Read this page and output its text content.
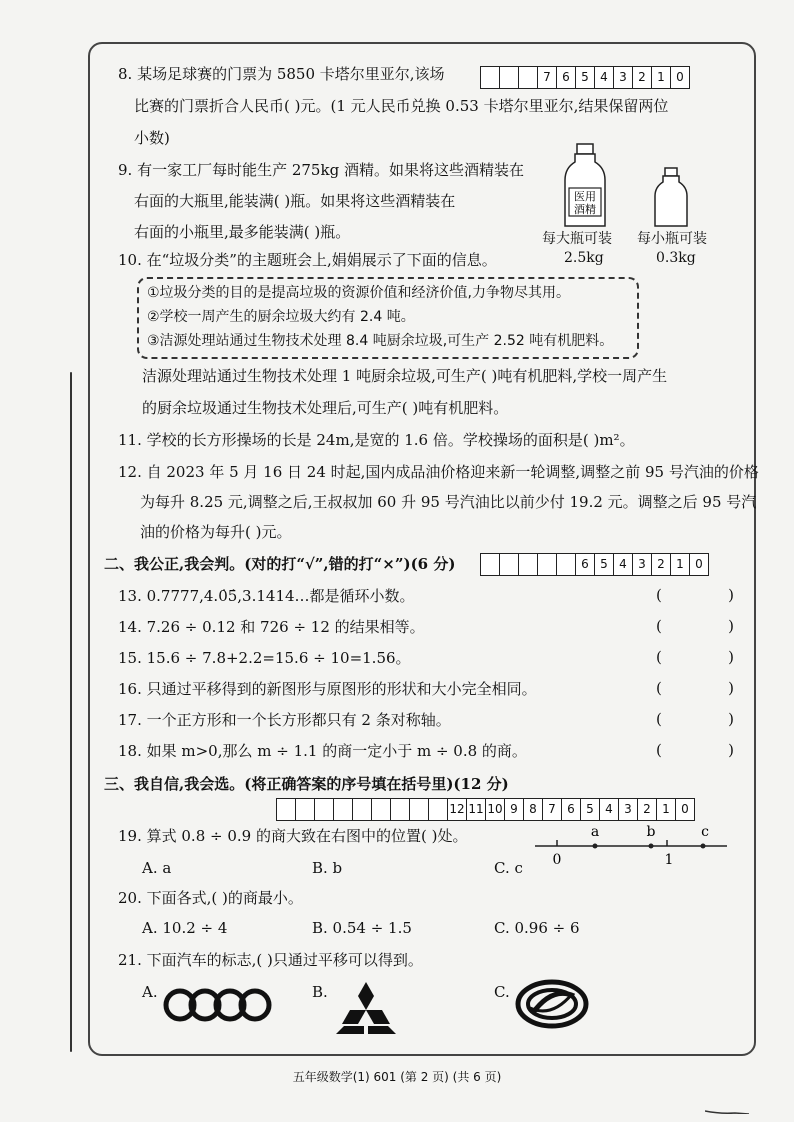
8. 某场足球赛的门票为 5850 卡塔尔里亚尔,该场	7 6 5 4 3 2 1 0
比赛的门票折合人民币( )元。(1 元人民币兑换 0.53 卡塔尔里亚尔,结果保留两位
小数)
9. 有一家工厂每时能生产 275kg 酒精。如果将这些酒精装在
右面的大瓶里,能装满( )瓶。如果将这些酒精装在
右面的小瓶里,最多能装满( )瓶。
医用
酒精
每大瓶可装 每小瓶可装
2.5kg	0.3kg
10. 在“垃圾分类”的主题班会上,娟娟展示了下面的信息。
①垃圾分类的目的是提高垃圾的资源价值和经济价值,力争物尽其用。
②学校一周产生的厨余垃圾大约有 2.4 吨。
③洁源处理站通过生物技术处理 8.4 吨厨余垃圾,可生产 2.52 吨有机肥料。
洁源处理站通过生物技术处理 1 吨厨余垃圾,可生产( )吨有机肥料,学校一周产生
的厨余垃圾通过生物技术处理后,可生产( )吨有机肥料。
11. 学校的长方形操场的长是 24m,是宽的 1.6 倍。学校操场的面积是( )m²。
12. 自 2023 年 5 月 16 日 24 时起,国内成品油价格迎来新一轮调整,调整之前 95 号汽油的价格
为每升 8.25 元,调整之后,王叔叔加 60 升 95 号汽油比以前少付 19.2 元。调整之后 95 号汽
油的价格为每升( )元。
二、我公正,我会判。(对的打“√”,错的打“×”)(6 分)	6 5 4 3 2 1 0
13. 0.7777,4.0̇5̇,3.1414…都是循环小数。	(	)
14. 7.26 ÷ 0.12 和 726 ÷ 12 的结果相等。	(	)
15. 15.6 ÷ 7.8+2.2=15.6 ÷ 10=1.56。	(	)
16. 只通过平移得到的新图形与原图形的形状和大小完全相同。	(	)
17. 一个正方形和一个长方形都只有 2 条对称轴。	(	)
18. 如果 m>0,那么 m ÷ 1.1 的商一定小于 m ÷ 0.8 的商。	(	)
三、我自信,我会选。(将正确答案的序号填在括号里)(12 分)
12 11 10 9 8 7 6 5 4 3 2 1 0
19. 算式 0.8 ÷ 0.9 的商大致在右图中的位置( )处。	a	b	c
0	1
A. a	B. b	C. c
20. 下面各式,( )的商最小。
A. 10.2 ÷ 4	B. 0.54 ÷ 1.5	C. 0.96 ÷ 6
21. 下面汽车的标志,( )只通过平移可以得到。
A.	B.	C.
五年级数学(1) 601 (第 2 页) (共 6 页)
